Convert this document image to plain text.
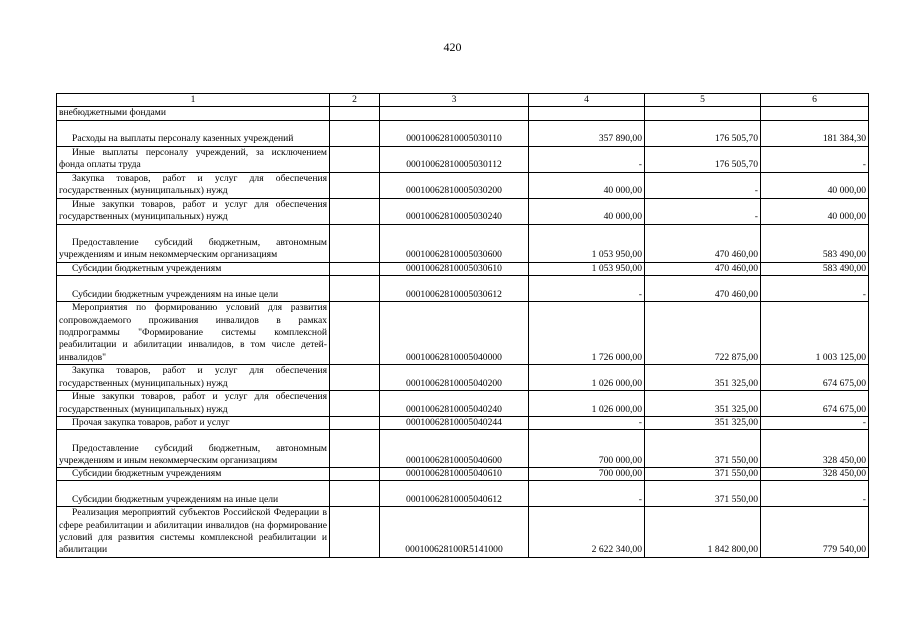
420
1	2	3	4	5	6

внебюджетными фондами					

Расходы на выплаты персоналу казенных учреждений		00010062810005030110	357 890,00	176 505,70	181 384,30

Иные выплаты персоналу учреждений, за исключением фонда оплаты труда		00010062810005030112	-	176 505,70	-

Закупка товаров, работ и услуг для обеспечения государственных (муниципальных) нужд		00010062810005030200	40 000,00	-	40 000,00

Иные закупки товаров, работ и услуг для обеспечения государственных (муниципальных) нужд		00010062810005030240	40 000,00	-	40 000,00

Предоставление субсидий бюджетным, автономным учреждениям и иным некоммерческим организациям		00010062810005030600	1 053 950,00	470 460,00	583 490,00

Субсидии бюджетным учреждениям		00010062810005030610	1 053 950,00	470 460,00	583 490,00

Субсидии бюджетным учреждениям на иные цели		00010062810005030612	-	470 460,00	-

Мероприятия по формированию условий для развития сопровождаемого проживания инвалидов в рамках подпрограммы "Формирование системы комплексной реабилитации и абилитации инвалидов, в том числе детей-инвалидов"		00010062810005040000	1 726 000,00	722 875,00	1 003 125,00

Закупка товаров, работ и услуг для обеспечения государственных (муниципальных) нужд		00010062810005040200	1 026 000,00	351 325,00	674 675,00

Иные закупки товаров, работ и услуг для обеспечения государственных (муниципальных) нужд		00010062810005040240	1 026 000,00	351 325,00	674 675,00

Прочая закупка товаров, работ и услуг		00010062810005040244	-	351 325,00	-

Предоставление субсидий бюджетным, автономным учреждениям и иным некоммерческим организациям		00010062810005040600	700 000,00	371 550,00	328 450,00

Субсидии бюджетным учреждениям		00010062810005040610	700 000,00	371 550,00	328 450,00

Субсидии бюджетным учреждениям на иные цели		00010062810005040612	-	371 550,00	-

Реализация мероприятий субъектов Российской Федерации в сфере реабилитации и абилитации инвалидов (на формирование условий для развития системы комплексной реабилитации и абилитации		000100628100R5141000	2 622 340,00	1 842 800,00	779 540,00
